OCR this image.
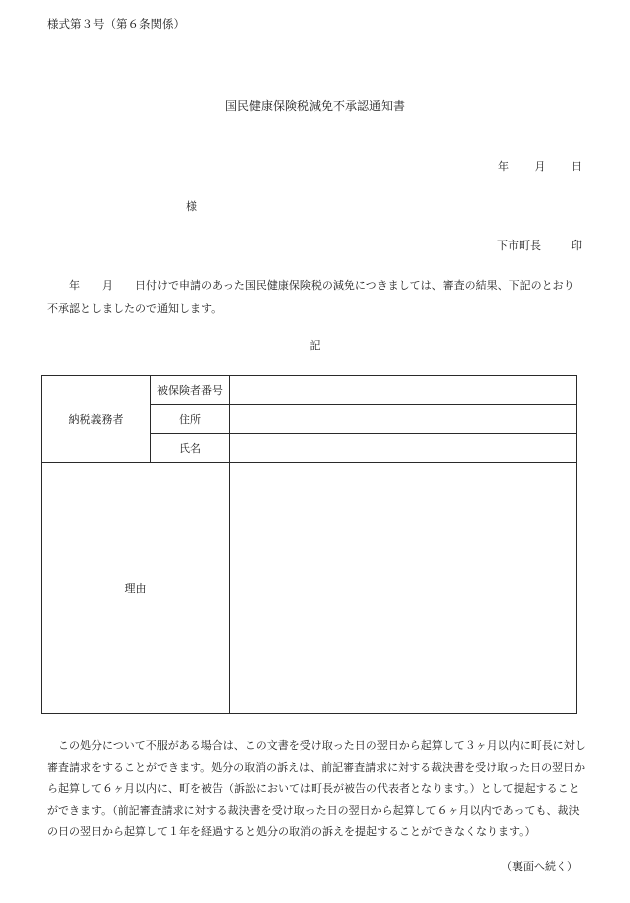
様式第３号（第６条関係）
国民健康保険税減免不承認通知書
年 月 日
様
下市町長	印
年　　月　　日付けで申請のあった国民健康保険税の減免につきましては、審査の結果、下記のとおり不承認としましたので通知します。
記
納税義務者	被保険者番号	
	住所	
	氏名	
理由		
この処分について不服がある場合は、この文書を受け取った日の翌日から起算して３ヶ月以内に町長に対し審査請求をすることができます。処分の取消の訴えは、前記審査請求に対する裁決書を受け取った日の翌日から起算して６ヶ月以内に、町を被告（訴訟においては町長が被告の代表者となります。）として提起することができます。（前記審査請求に対する裁決書を受け取った日の翌日から起算して６ヶ月以内であっても、裁決の日の翌日から起算して１年を経過すると処分の取消の訴えを提起することができなくなります。）
（裏面へ続く）
